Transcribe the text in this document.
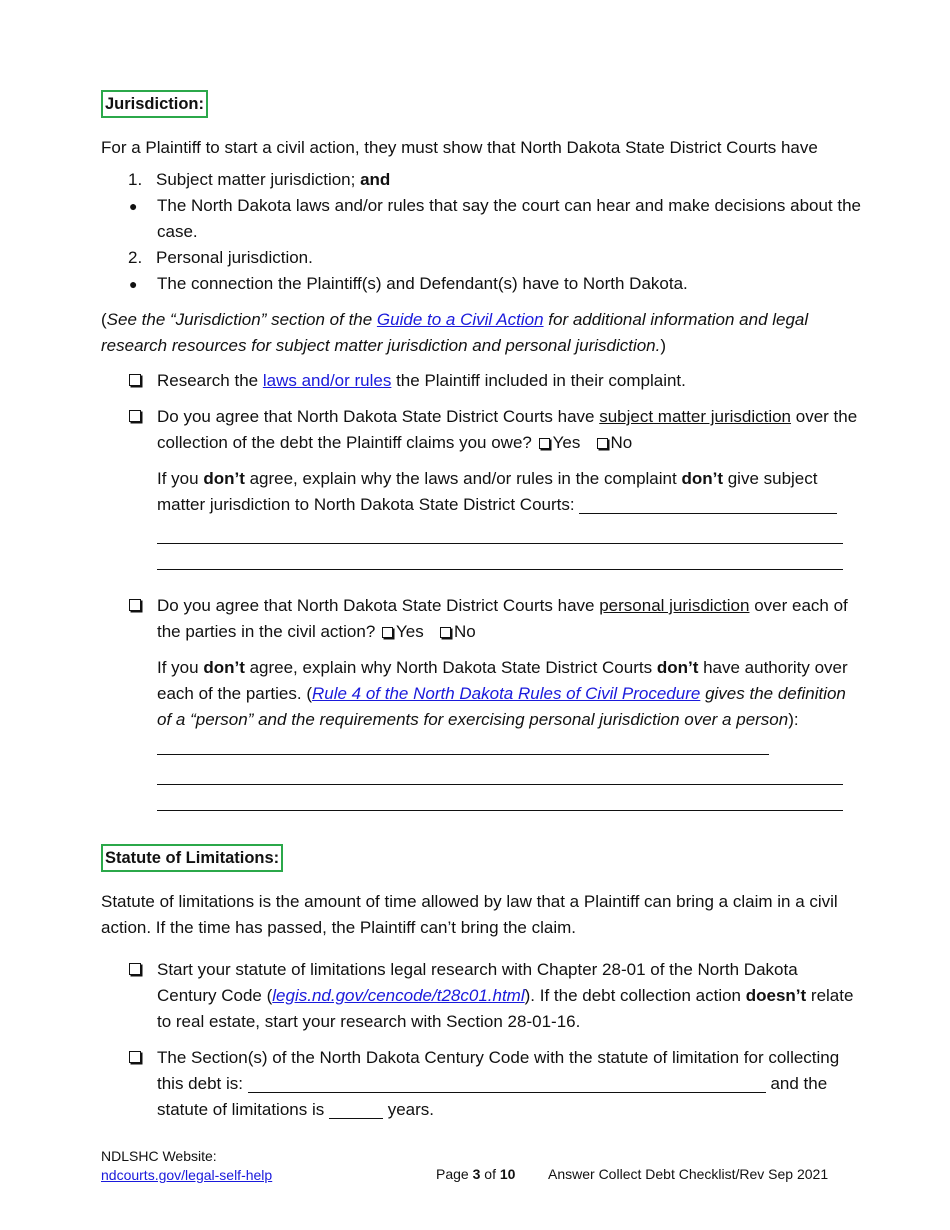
Jurisdiction:

For a Plaintiff to start a civil action, they must show that North Dakota State District Courts have

1. Subject matter jurisdiction; and
● The North Dakota laws and/or rules that say the court can hear and make decisions about the case.
2. Personal jurisdiction.
● The connection the Plaintiff(s) and Defendant(s) have to North Dakota.

(See the “Jurisdiction” section of the Guide to a Civil Action for additional information and legal research resources for subject matter jurisdiction and personal jurisdiction.)

Research the laws and/or rules the Plaintiff included in their complaint.
Do you agree that North Dakota State District Courts have subject matter jurisdiction over the collection of the debt the Plaintiff claims you owe? Yes No

If you don’t agree, explain why the laws and/or rules in the complaint don’t give subject matter jurisdiction to North Dakota State District Courts:

Do you agree that North Dakota State District Courts have personal jurisdiction over each of the parties in the civil action? Yes No

If you don’t agree, explain why North Dakota State District Courts don’t have authority over each of the parties. (Rule 4 of the North Dakota Rules of Civil Procedure gives the definition of a “person” and the requirements for exercising personal jurisdiction over a person):

Statute of Limitations:

Statute of limitations is the amount of time allowed by law that a Plaintiff can bring a claim in a civil action. If the time has passed, the Plaintiff can’t bring the claim.

Start your statute of limitations legal research with Chapter 28-01 of the North Dakota Century Code (legis.nd.gov/cencode/t28c01.html). If the debt collection action doesn’t relate to real estate, start your research with Section 28-01-16.
The Section(s) of the North Dakota Century Code with the statute of limitation for collecting this debt is:	and the statute of limitations is	years.
NDLSHC Website:
ndcourts.gov/legal-self-help	Page 3 of 10 Answer Collect Debt Checklist/Rev Sep 2021
